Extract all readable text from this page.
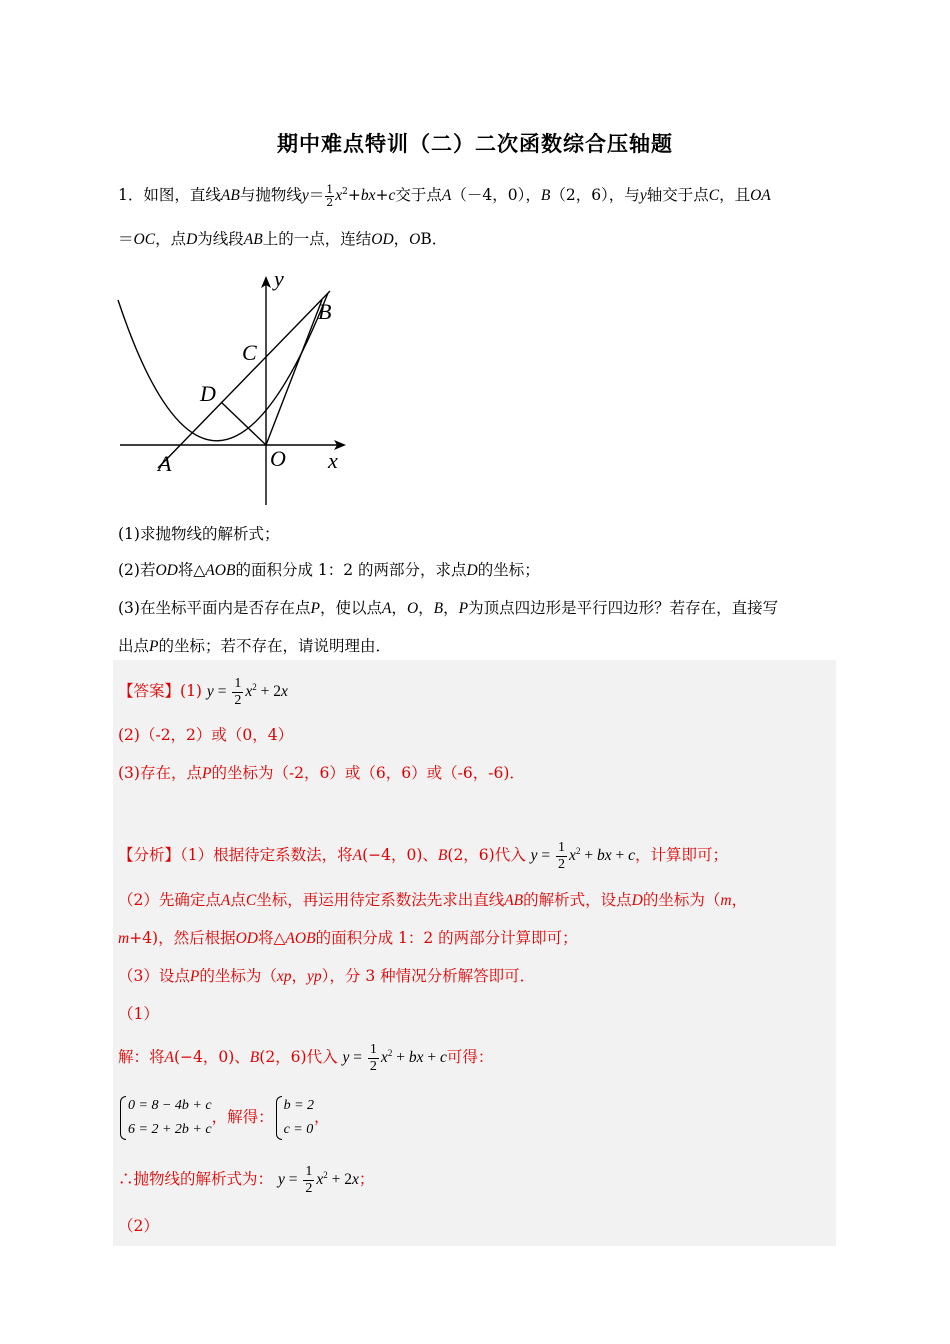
期中难点特训（二）二次函数综合压轴题
1．如图，直线AB与抛物线$y= \frac{1}{2} x^2+bx+c$交于点A（－4，0），B（2，6），与y轴交于点C，且OA
＝OC，点D为线段AB上的一点，连结OD，OB．
y
x
B
C
D
A	O
(1)求抛物线的解析式；
(2)若OD将△AOB的面积分成 1：2 的两部分，求点D的坐标；
(3)在坐标平面内是否存在点P，使以点A，O，B，P为顶点四边形是平行四边形？若存在，直接写
出点P的坐标；若不存在，请说明理由．
【答案】(1) $y = \frac{1}{2} x^2 + 2x$
(2)（-2，2）或（0，4）
(3)存在，点P的坐标为（-2，6）或（6，6）或（-6，-6)．
【分析】（1）根据待定系数法，将A(−4，0)、B(2，6)代入 $y = \frac{1}{2} x^2$ + bx + c，计算即可；
（2）先确定点A点C坐标，再运用待定系数法先求出直线AB的解析式，设点D的坐标为（m，
m+4)，然后根据OD将△AOB的面积分成 1：2 的两部分计算即可；
（3）设点P的坐标为（xp，yp），分 3 种情况分析解答即可．
（1）
解：将A(−4，0)、B(2，6)代入 $y = \frac{1}{2} x^2$ + bx + c可得：
0 = 8 − 4b + c
6 = 2 + 2b + c
，解得：
b = 2
c = 0
，
∴抛物线的解析式为： $y = \frac{1}{2} x^2 + 2x$；
（2）
